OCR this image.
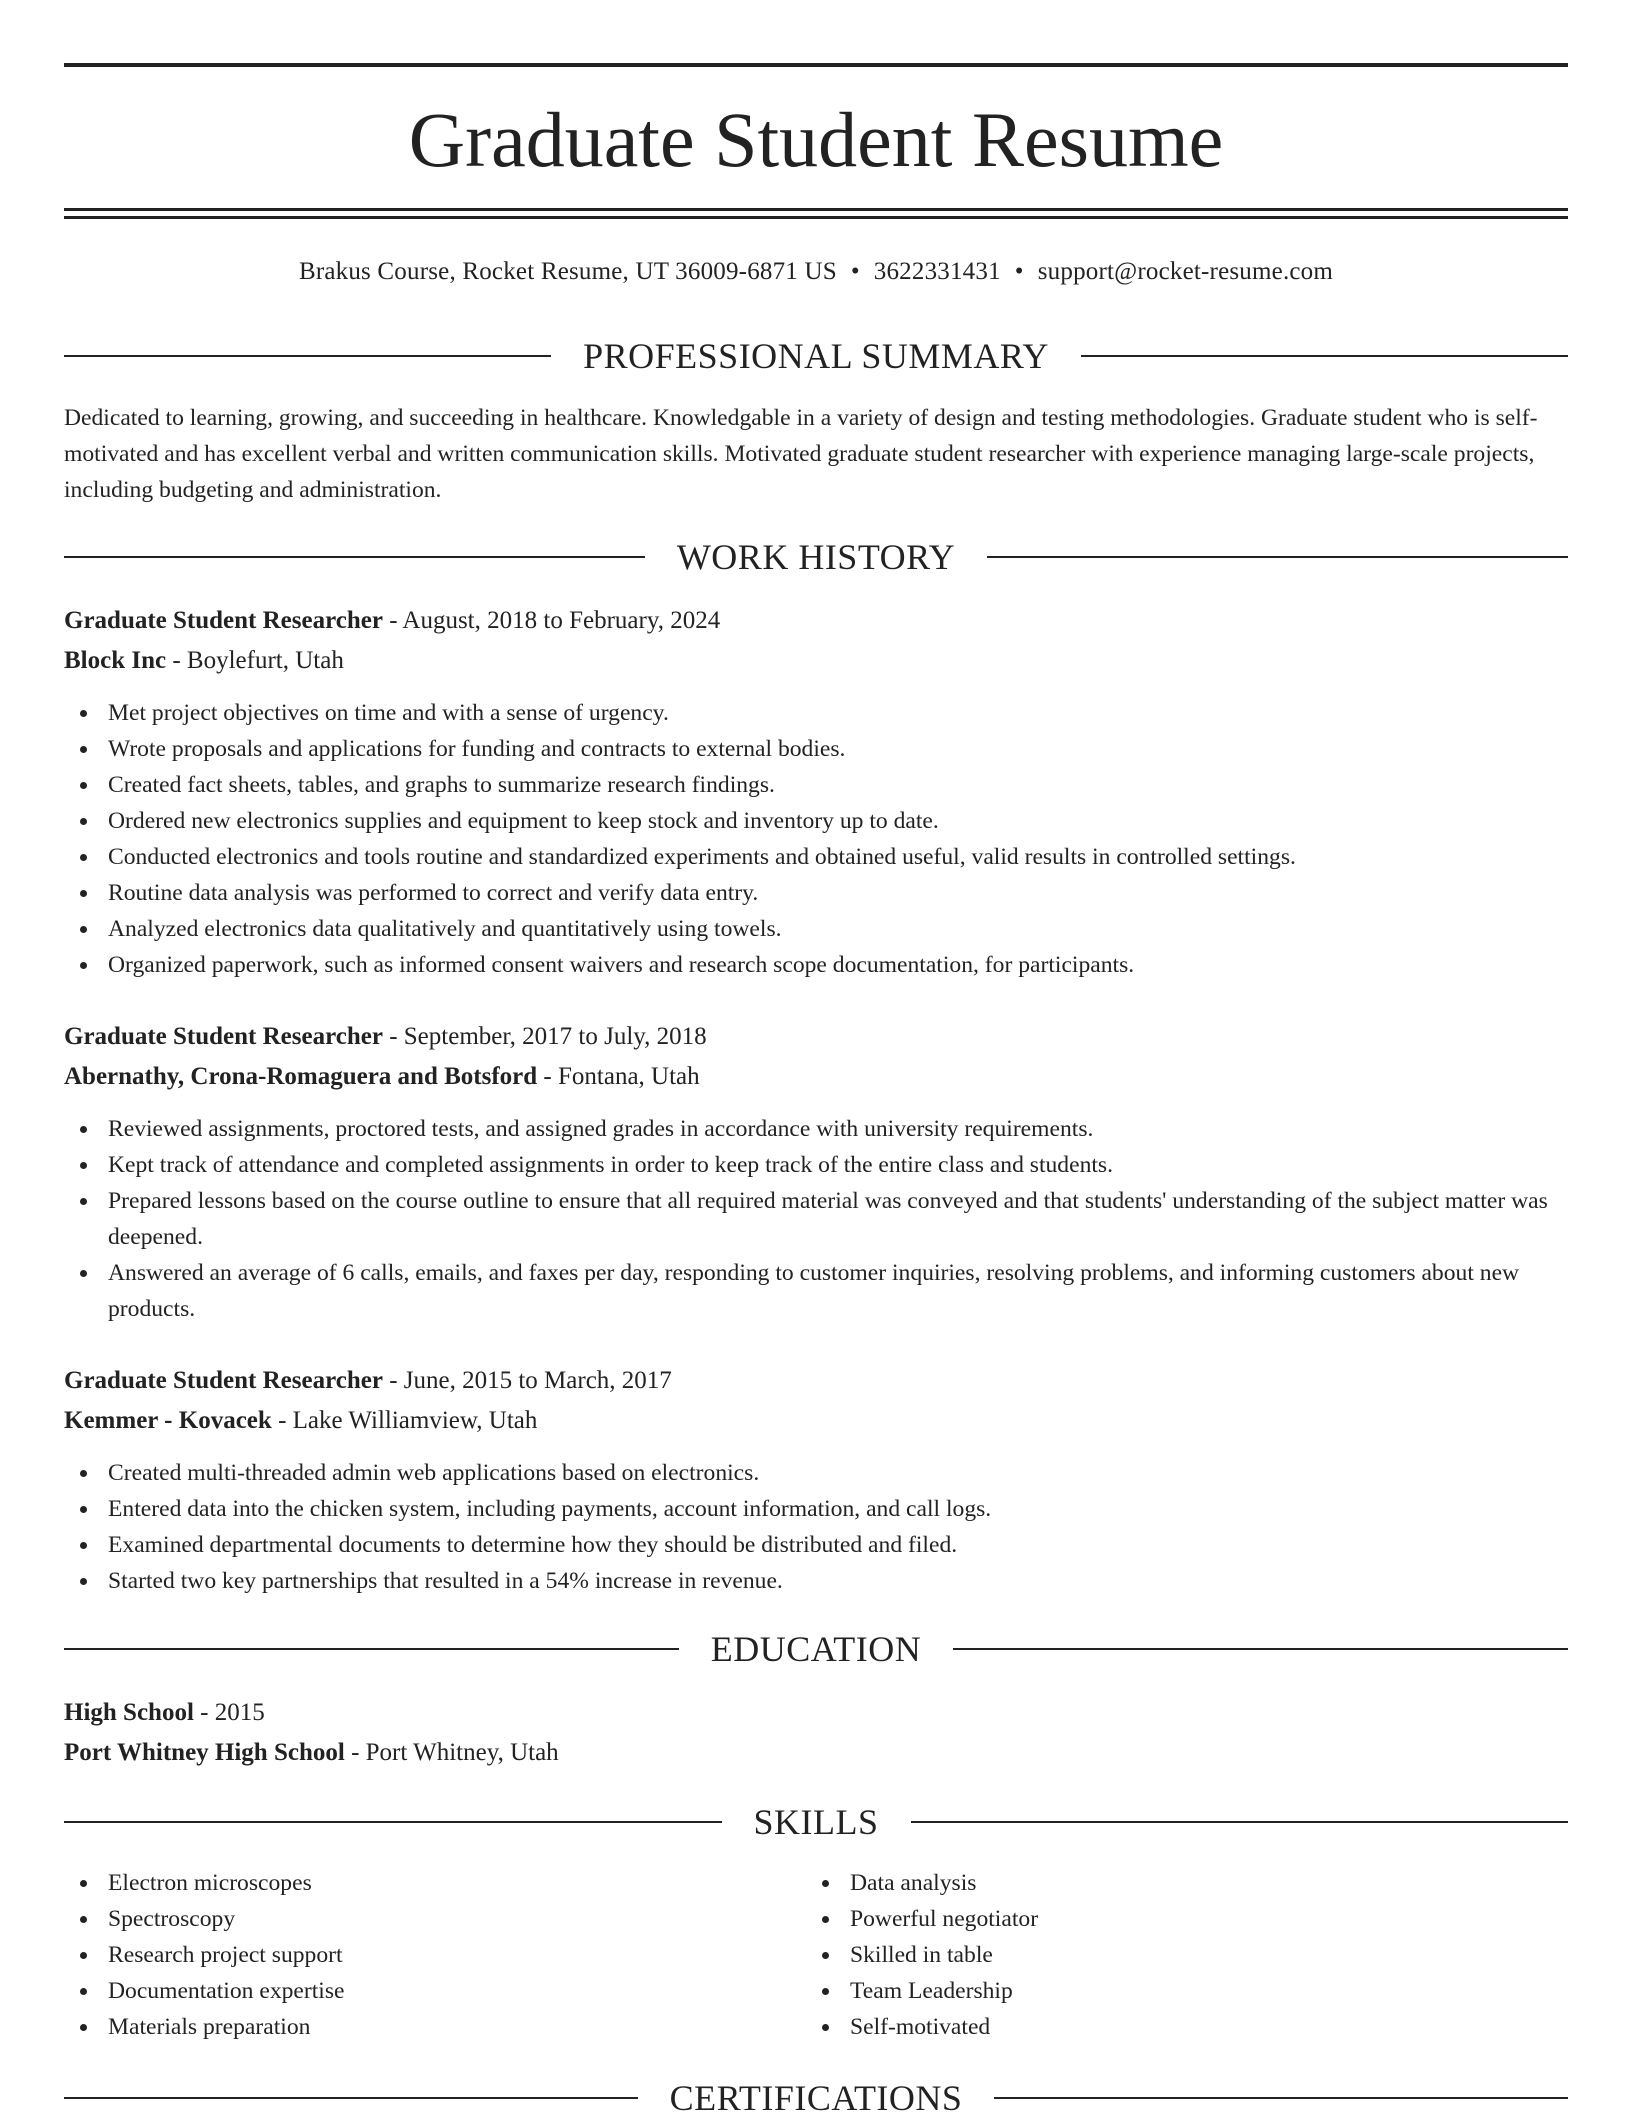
Graduate Student Resume
Brakus Course, Rocket Resume, UT 36009-6871 US • 3622331431 • support@rocket-resume.com
PROFESSIONAL SUMMARY

Dedicated to learning, growing, and succeeding in healthcare. Knowledgable in a variety of design and testing methodologies. Graduate student who is self-motivated and has excellent verbal and written communication skills. Motivated graduate student researcher with experience managing large-scale projects, including budgeting and administration.

WORK HISTORY
Graduate Student Researcher - August, 2018 to February, 2024
Block Inc - Boylefurt, Utah
Met project objectives on time and with a sense of urgency.
Wrote proposals and applications for funding and contracts to external bodies.
Created fact sheets, tables, and graphs to summarize research findings.
Ordered new electronics supplies and equipment to keep stock and inventory up to date.
Conducted electronics and tools routine and standardized experiments and obtained useful, valid results in controlled settings.
Routine data analysis was performed to correct and verify data entry.
Analyzed electronics data qualitatively and quantitatively using towels.
Organized paperwork, such as informed consent waivers and research scope documentation, for participants.
Graduate Student Researcher - September, 2017 to July, 2018
Abernathy, Crona-Romaguera and Botsford - Fontana, Utah
Reviewed assignments, proctored tests, and assigned grades in accordance with university requirements.
Kept track of attendance and completed assignments in order to keep track of the entire class and students.
Prepared lessons based on the course outline to ensure that all required material was conveyed and that students' understanding of the subject matter was deepened.
Answered an average of 6 calls, emails, and faxes per day, responding to customer inquiries, resolving problems, and informing customers about new products.
Graduate Student Researcher - June, 2015 to March, 2017
Kemmer - Kovacek - Lake Williamview, Utah
Created multi-threaded admin web applications based on electronics.
Entered data into the chicken system, including payments, account information, and call logs.
Examined departmental documents to determine how they should be distributed and filed.
Started two key partnerships that resulted in a 54% increase in revenue.
EDUCATION
High School - 2015
Port Whitney High School - Port Whitney, Utah
SKILLS
Electron microscopes
Spectroscopy
Research project support
Documentation expertise
Materials preparation
Data analysis
Powerful negotiator
Skilled in table
Team Leadership
Self-motivated
CERTIFICATIONS
